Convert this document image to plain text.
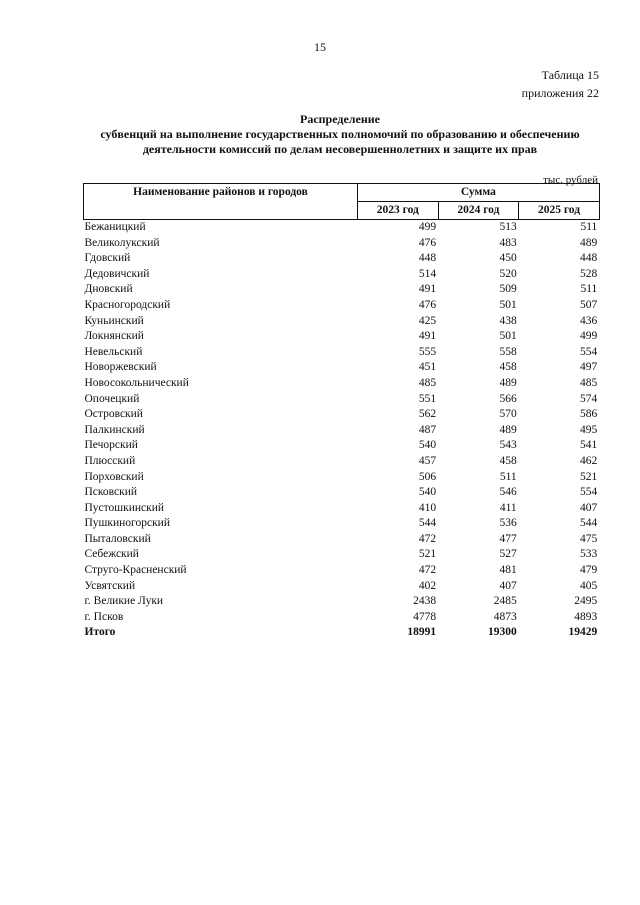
15
Таблица 15
приложения 22
Распределение
субвенций на выполнение государственных полномочий по образованию и обеспечению
деятельности комиссий по делам несовершеннолетних и защите их прав
тыс. рублей
Наименование районов и городов	Сумма		
	2023 год	2024 год	2025 год
Бежаницкий	499	513	511
Великолукский	476	483	489
Гдовский	448	450	448
Дедовичский	514	520	528
Дновский	491	509	511
Красногородский	476	501	507
Куньинский	425	438	436
Локнянский	491	501	499
Невельский	555	558	554
Новоржевский	451	458	497
Новосокольнический	485	489	485
Опочецкий	551	566	574
Островский	562	570	586
Палкинский	487	489	495
Печорский	540	543	541
Плюсский	457	458	462
Порховский	506	511	521
Псковский	540	546	554
Пустошкинский	410	411	407
Пушкиногорский	544	536	544
Пыталовский	472	477	475
Себежский	521	527	533
Струго-Красненский	472	481	479
Усвятский	402	407	405
г. Великие Луки	2438	2485	2495
г. Псков	4778	4873	4893
Итого	18991	19300	19429
